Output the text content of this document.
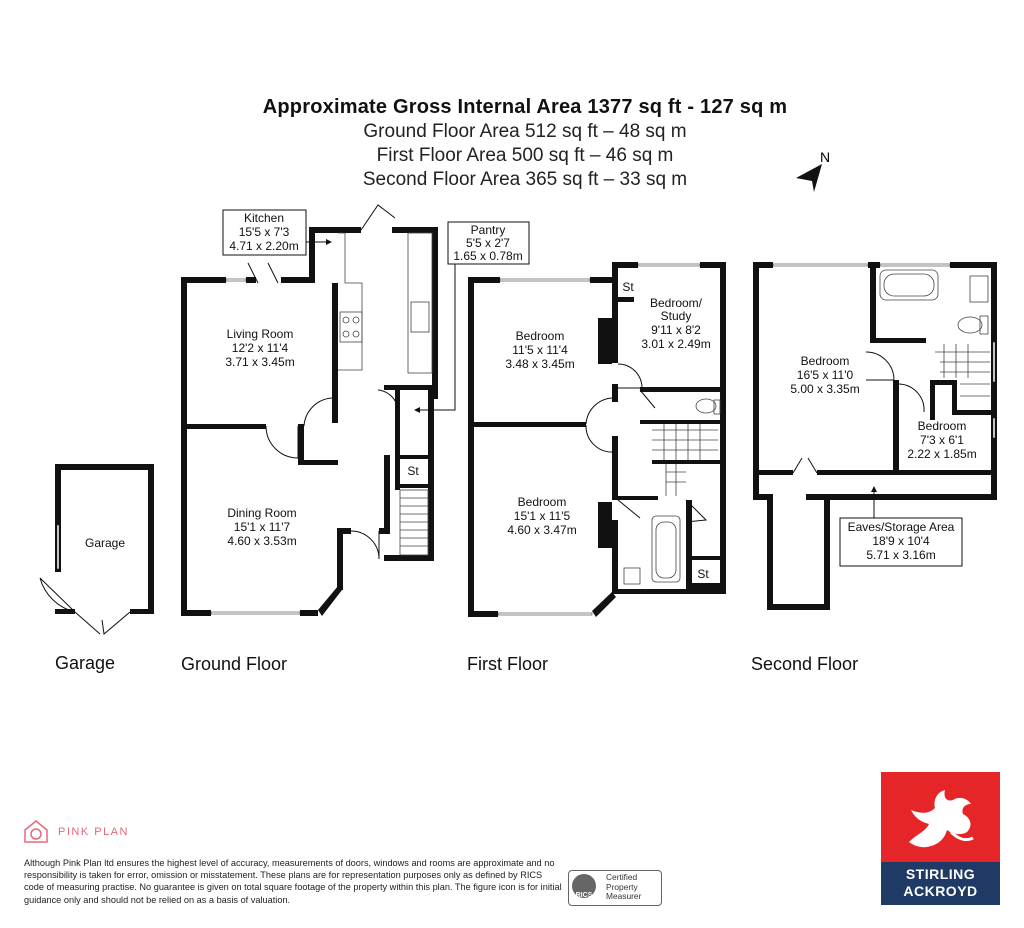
Approximate Gross Internal Area 1377 sq ft - 127 sq m
Ground Floor Area 512 sq ft – 48 sq m
First Floor Area 500 sq ft – 46 sq m
Second Floor Area 365 sq ft – 33 sq m
N
Garage
Living Room
12'2 x 11'4
3.71 x 3.45m
Dining Room
15'1 x 11'7
4.60 x 3.53m
St
Kitchen
15'5 x 7'3
4.71 x 2.20m
Pantry
5'5 x 2'7
1.65 x 0.78m
Bedroom
11'5 x 11'4
3.48 x 3.45m
Bedroom/
Study
9'11 x 8'2
3.01 x 2.49m
Bedroom
15'1 x 11'5
4.60 x 3.47m
St
St
Bedroom
16'5 x 11'0
5.00 x 3.35m
Bedroom
7'3 x 6'1
2.22 x 1.85m
Eaves/Storage Area
18'9 x 10'4
5.71 x 3.16m
Garage	Ground Floor	First Floor	Second Floor
PINK PLAN
Although Pink Plan ltd ensures the highest level of accuracy, measurements of doors, windows and rooms are approximate and no responsibility is taken for error, omission or misstatement. These plans are for representation purposes only as defined by RICS code of measuring practise. No guarantee is given on total square footage of the property within this plan. The figure icon is for initial guidance only and should not be relied on as a basis of valuation.	RICS
Certified
Property
Measurer
STIRLING
ACKROYD
